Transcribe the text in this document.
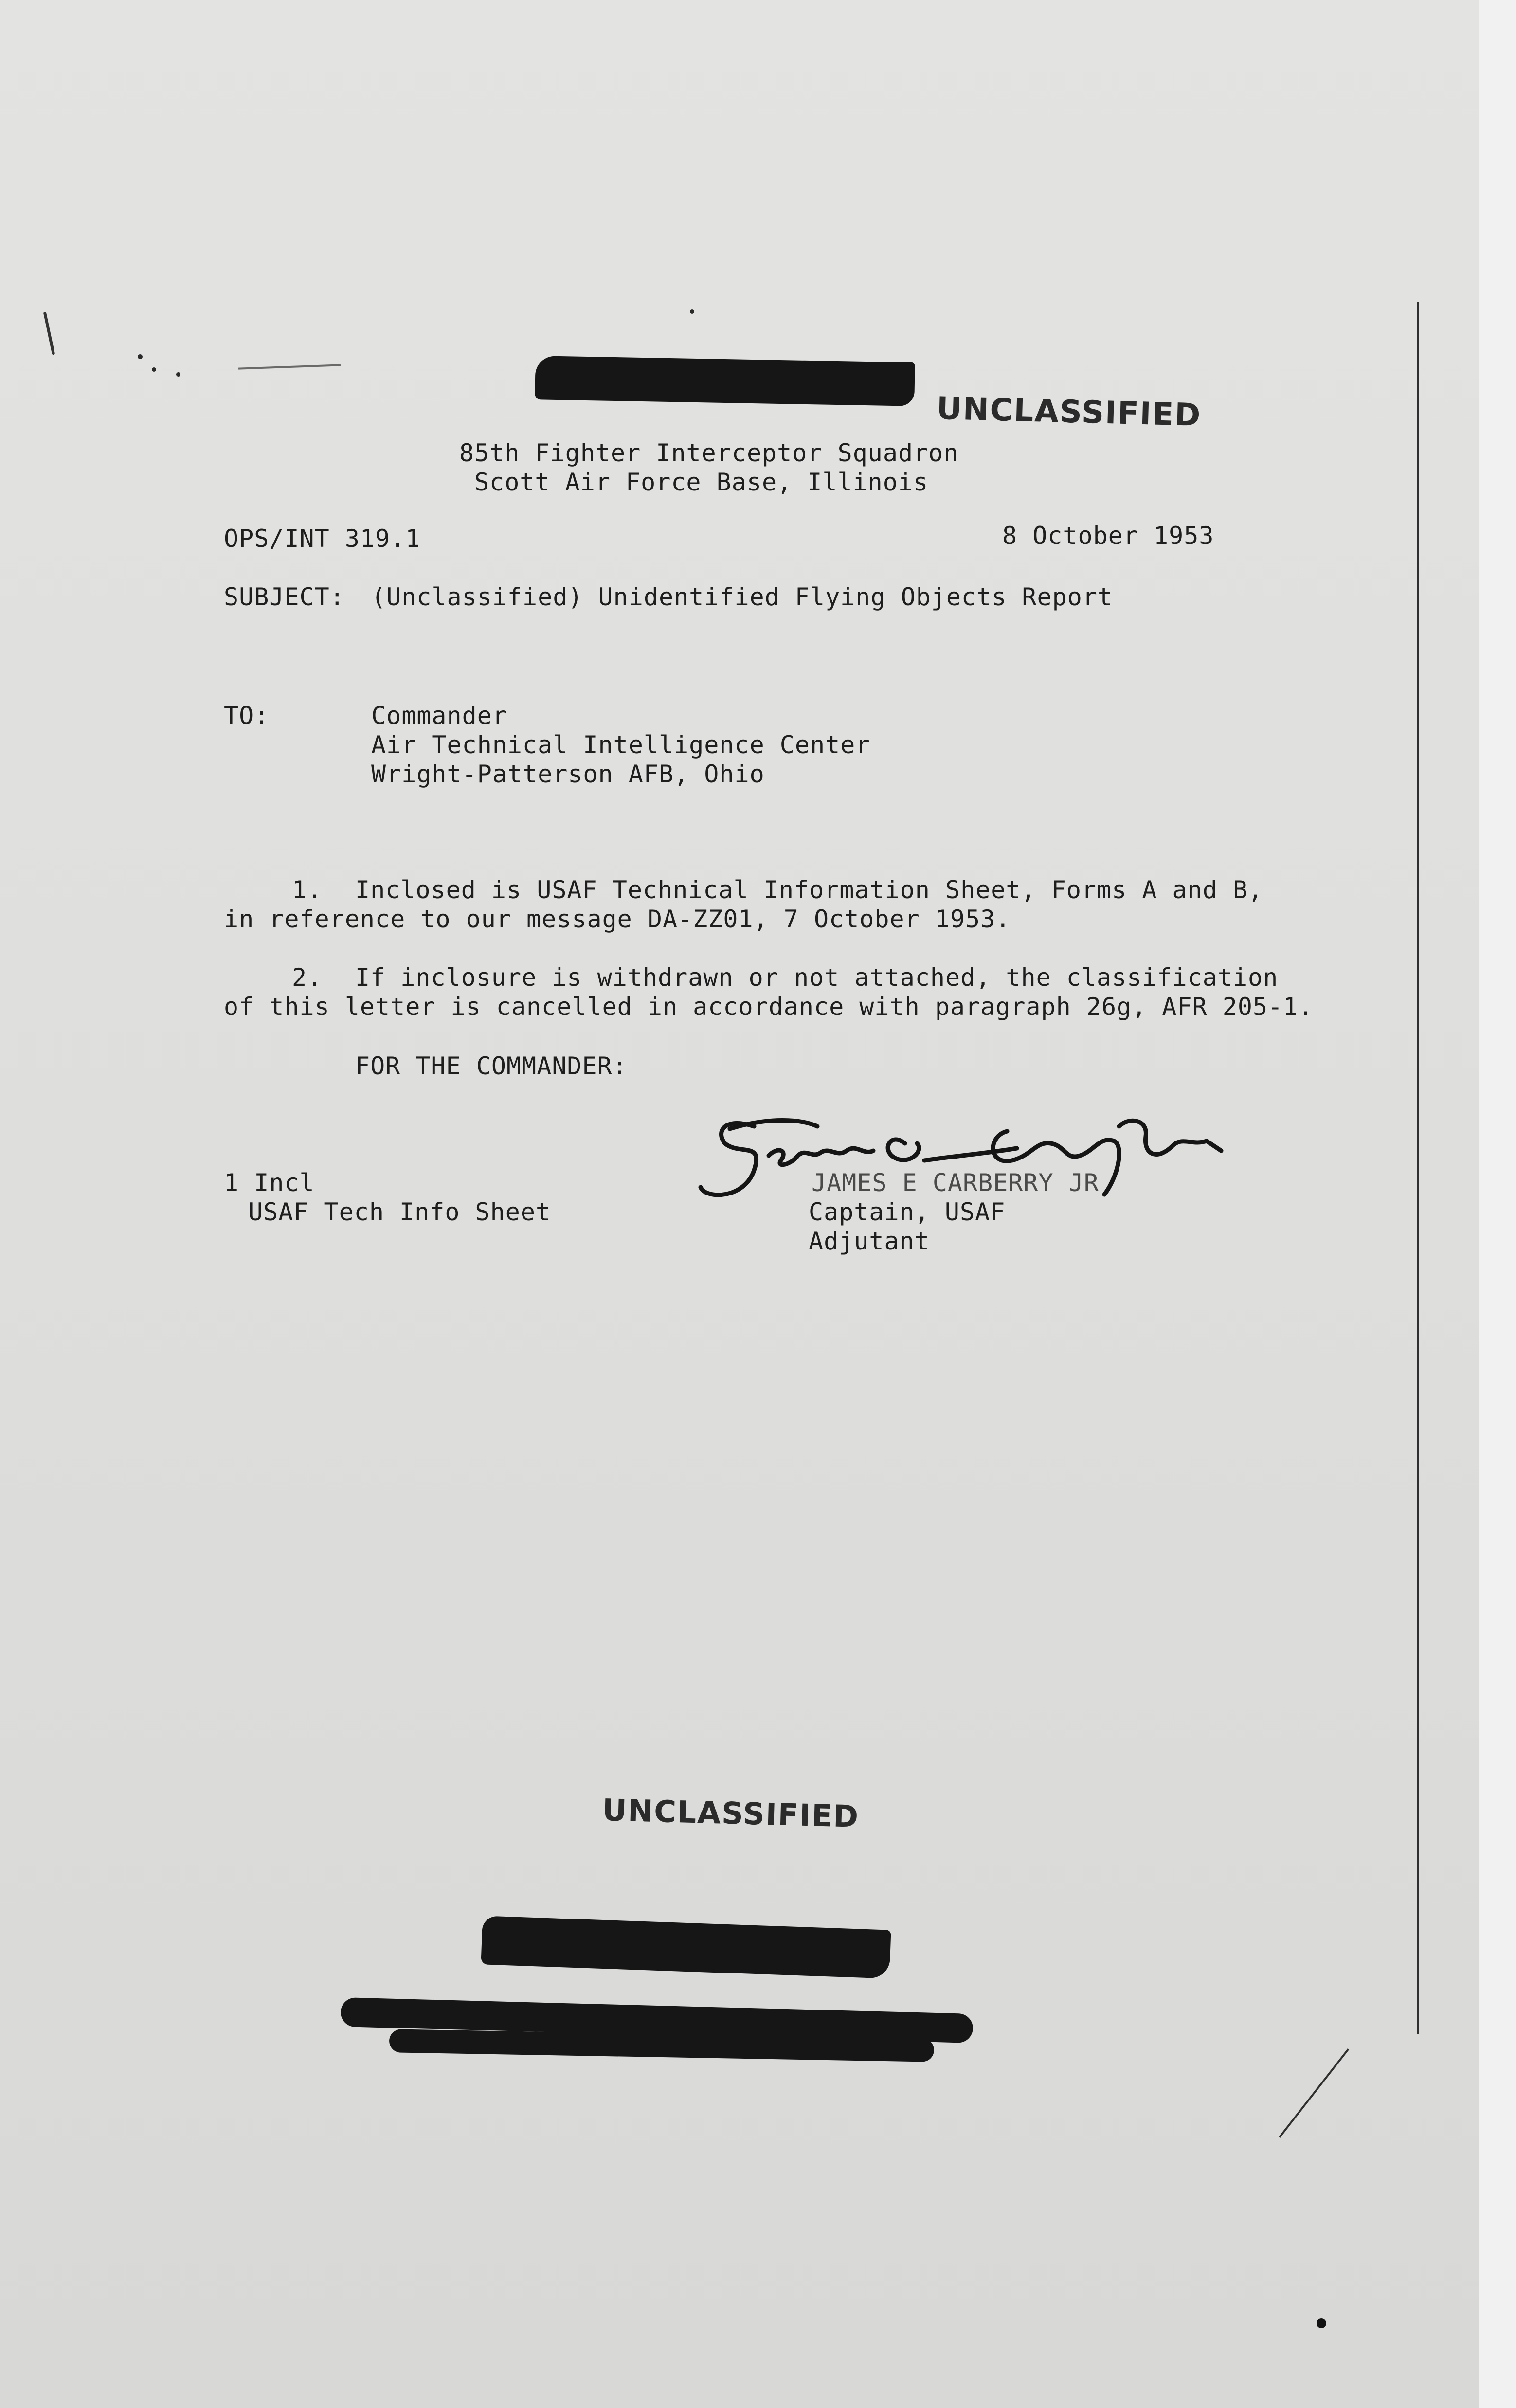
UNCLASSIFIED
85th Fighter Interceptor Squadron
Scott Air Force Base, Illinois
OPS/INT 319.1	8 October 1953
SUBJECT: (Unclassified) Unidentified Flying Objects Report
TO:	Commander
Air Technical Intelligence Center
Wright-Patterson AFB, Ohio
1. Inclosed is USAF Technical Information Sheet, Forms A and B,
in reference to our message DA-ZZ01, 7 October 1953.
2. If inclosure is withdrawn or not attached, the classification
of this letter is cancelled in accordance with paragraph 26g, AFR 205-1.
FOR THE COMMANDER:
1 Incl
USAF Tech Info Sheet
JAMES E CARBERRY JR
Captain, USAF
Adjutant
UNCLASSIFIED
